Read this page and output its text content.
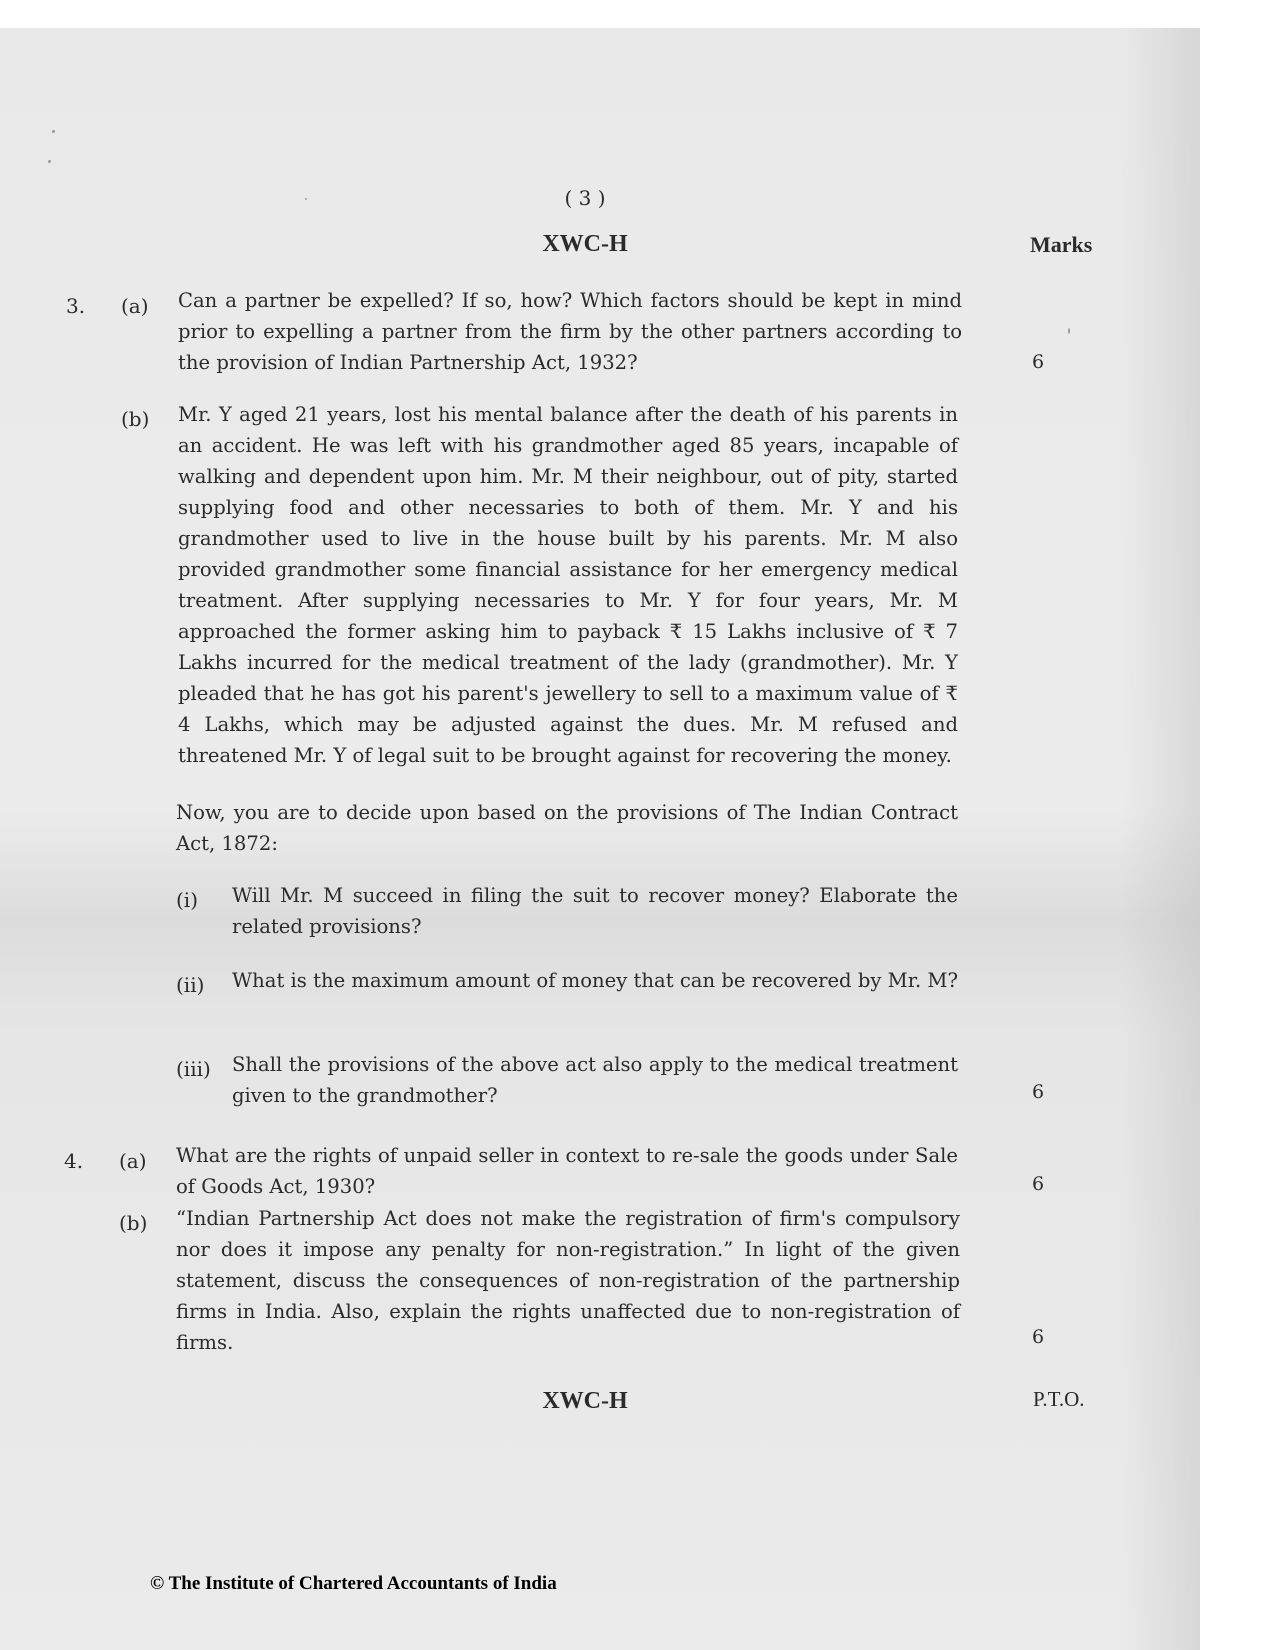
( 3 )
XWC-H	Marks
3. (a) Can a partner be expelled? If so, how? Which factors should be kept in mind prior to expelling a partner from the firm by the other partners according to the provision of Indian Partnership Act, 1932?	6
(b) Mr. Y aged 21 years, lost his mental balance after the death of his parents in an accident. He was left with his grandmother aged 85 years, incapable of walking and dependent upon him. Mr. M their neighbour, out of pity, started supplying food and other necessaries to both of them. Mr. Y and his grandmother used to live in the house built by his parents. Mr. M also provided grandmother some financial assistance for her emergency medical treatment. After supplying necessaries to Mr. Y for four years, Mr. M approached the former asking him to payback ₹ 15 Lakhs inclusive of ₹ 7 Lakhs incurred for the medical treatment of the lady (grandmother). Mr. Y pleaded that he has got his parent's jewellery to sell to a maximum value of ₹ 4 Lakhs, which may be adjusted against the dues. Mr. M refused and threatened Mr. Y of legal suit to be brought against for recovering the money.
Now, you are to decide upon based on the provisions of The Indian Contract Act, 1872:
(i) Will Mr. M succeed in filing the suit to recover money? Elaborate the related provisions?
(ii) What is the maximum amount of money that can be recovered by Mr. M?
(iii) Shall the provisions of the above act also apply to the medical treatment given to the grandmother?	6
4. (a) What are the rights of unpaid seller in context to re-sale the goods under Sale of Goods Act, 1930?	6
(b) “Indian Partnership Act does not make the registration of firm's compulsory nor does it impose any penalty for non-registration.” In light of the given statement, discuss the consequences of non-registration of the partnership firms in India. Also, explain the rights unaffected due to non-registration of firms.	6
XWC-H	P.T.O.
© The Institute of Chartered Accountants of India
